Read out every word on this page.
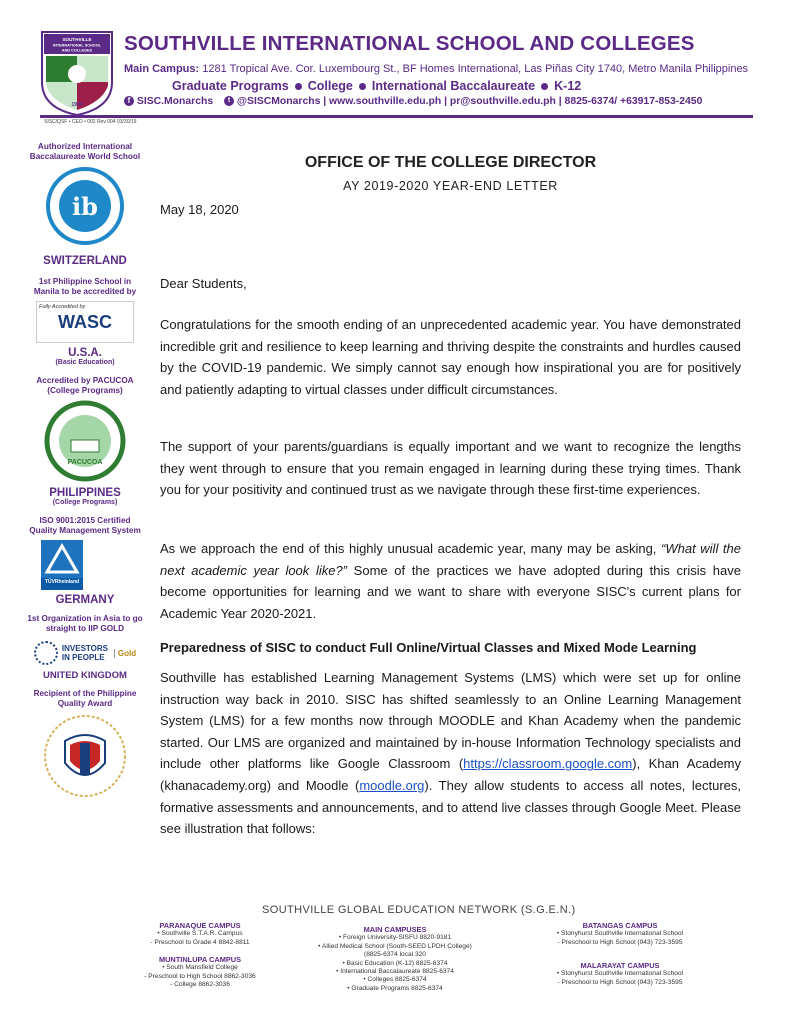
SOUTHVILLE
INTERNATIONAL SCHOOL
AND COLLEGES
1990
SOUTHVILLE INTERNATIONAL SCHOOL AND COLLEGES
Main Campus: 1281 Tropical Ave. Cor. Luxembourg St., BF Homes International, Las Piñas City 1740, Metro Manila Philippines
Graduate Programs College International Baccalaureate K-12
f SISC.Monarchs t @SISCMonarchs | www.southville.edu.ph | pr@southville.edu.ph | 8825-6374/ +63917-853-2450
SISC/QSF • CEO • 002 Rev 004 03/30/19
Authorized International Baccalaureate World School
ib
SWITZERLAND
1st Philippine School in Manila to be accredited by
Fully Accredited by
WASC
U.S.A.
(Basic Education)
Accredited by PACUCOA (College Programs)
PACUCOA
PHILIPPINES
(College Programs)
ISO 9001:2015 Certified Quality Management System
TÜVRheinland
GERMANY
1st Organization in Asia to go straight to IIP GOLD
INVESTORS IN PEOPLE	Gold
UNITED KINGDOM
Recipient of the Philippine Quality Award
OFFICE OF THE COLLEGE DIRECTOR
AY 2019-2020 YEAR-END LETTER
May 18, 2020
Dear Students,
Congratulations for the smooth ending of an unprecedented academic year. You have demonstrated incredible grit and resilience to keep learning and thriving despite the constraints and hurdles caused by the COVID-19 pandemic. We simply cannot say enough how inspirational you are for positively and patiently adapting to virtual classes under difficult circumstances.
The support of your parents/guardians is equally important and we want to recognize the lengths they went through to ensure that you remain engaged in learning during these trying times. Thank you for your positivity and continued trust as we navigate through these first-time experiences.
As we approach the end of this highly unusual academic year, many may be asking, “What will the next academic year look like?” Some of the practices we have adopted during this crisis have become opportunities for learning and we want to share with everyone SISC's current plans for Academic Year 2020-2021.
Preparedness of SISC to conduct Full Online/Virtual Classes and Mixed Mode Learning
Southville has established Learning Management Systems (LMS) which were set up for online instruction way back in 2010. SISC has shifted seamlessly to an Online Learning Management System (LMS) for a few months now through MOODLE and Khan Academy when the pandemic started. Our LMS are organized and maintained by in-house Information Technology specialists and include other platforms like Google Classroom (https://classroom.google.com), Khan Academy (khanacademy.org) and Moodle (moodle.org). They allow students to access all notes, lectures, formative assessments and announcements, and to attend live classes through Google Meet. Please see illustration that follows:
SOUTHVILLE GLOBAL EDUCATION NETWORK (S.G.E.N.)
PARANAQUE CAMPUS
• Southville S.T.A.R. Campus
- Preschool to Grade 4 8842-8811
MUNTINLUPA CAMPUS
• South Mansfield College
- Preschool to High School 8862-3036
- College 8862-3036
MAIN CAMPUSES
• Foreign University-SISFU 8820-9181
• Allied Medical School (South-SEED LPDH College)
(8825-6374 local 320
• Basic Education (K-12) 8825-6374
• International Baccalaureate 8825-6374
• Colleges 8825-6374
• Graduate Programs 8825-6374
BATANGAS CAMPUS
• Stonyhurst Southville International School
- Preschool to High School (043) 723-3595
MALARAYAT CAMPUS
• Stonyhurst Southville International School
- Preschool to High School (043) 723-3595
